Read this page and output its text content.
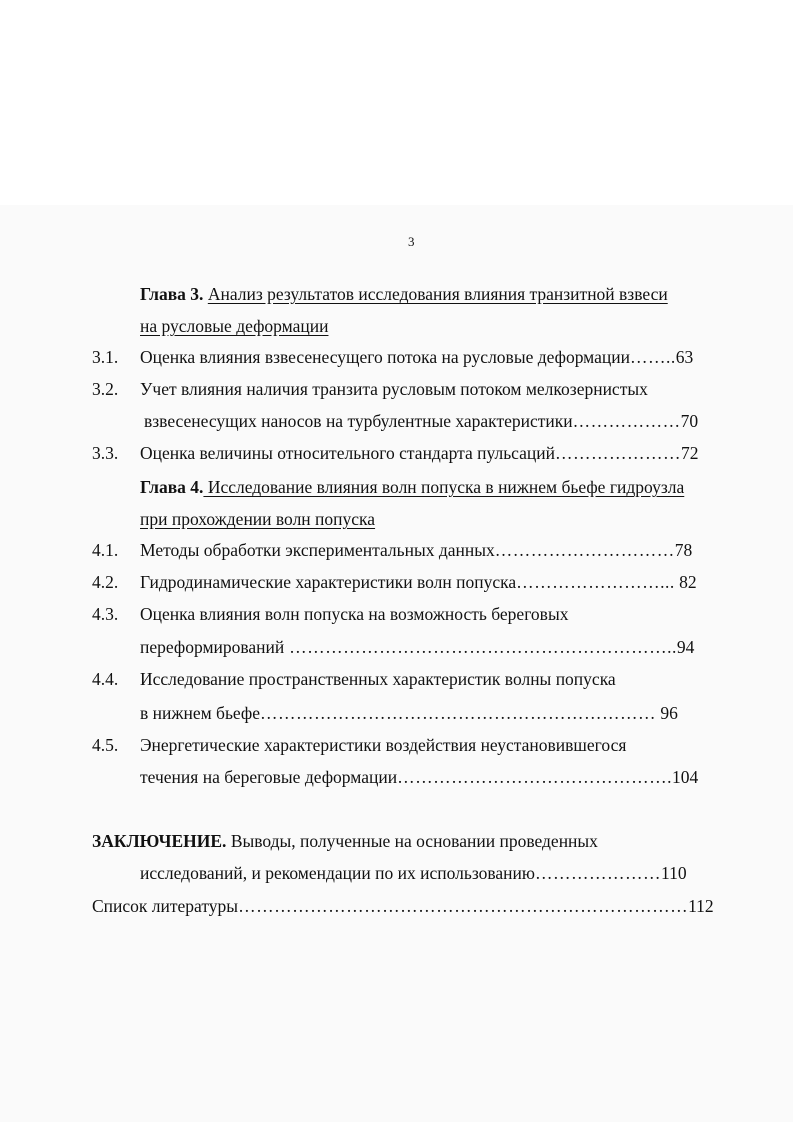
3
Глава 3. Анализ результатов исследования влияния транзитной взвеси
на русловые деформации
3.1. Оценка влияния взвесенесущего потока на русловые деформации……..63
3.2. Учет влияния наличия транзита русловым потоком мелкозернистых
взвесенесущих наносов на турбулентные характеристики………………70
3.3. Оценка величины относительного стандарта пульсаций…………………72
Глава 4. Исследование влияния волн попуска в нижнем бьефе гидроузла
при прохождении волн попуска
4.1. Методы обработки экспериментальных данных…………………………78
4.2. Гидродинамические характеристики волн попуска……………………... 82
4.3. Оценка влияния волн попуска на возможность береговых
переформирований ………………………………………………………..94
4.4. Исследование пространственных характеристик волны попуска
в нижнем бьефе………………………………………………………… 96
4.5. Энергетические характеристики воздействия неустановившегося
течения на береговые деформации……………………………………….104
ЗАКЛЮЧЕНИЕ. Выводы, полученные на основании проведенных
исследований, и рекомендации по их использованию…………………110
Список литературы…………………………………………………………………112
